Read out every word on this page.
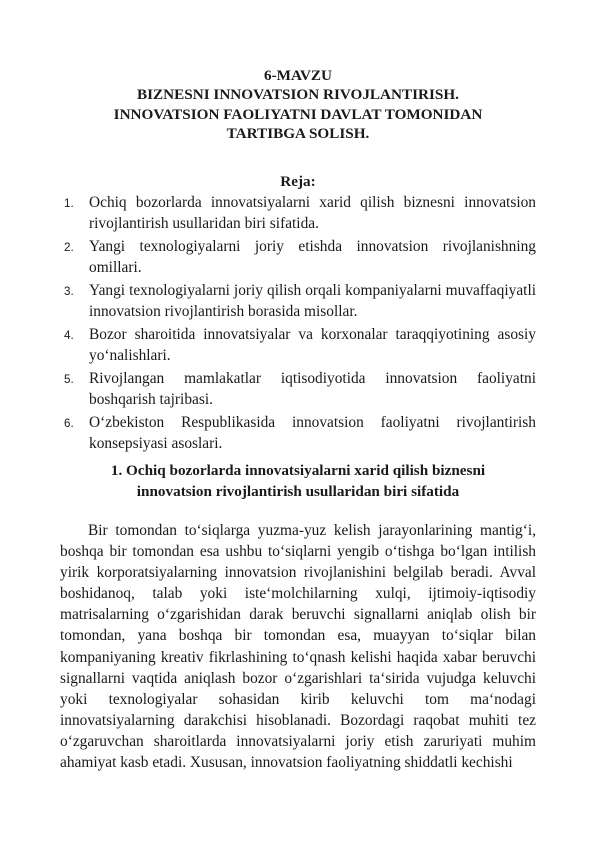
6-MAVZU
BIZNESNI INNOVATSION RIVOJLANTIRISH.
INNOVATSION FAOLIYATNI DAVLAT TOMONIDAN
TARTIBGA SOLISH.
Reja:
1. Ochiq bozorlarda innovatsiyalarni xarid qilish biznesni innovatsion rivojlantirish usullaridan biri sifatida.
2. Yangi texnologiyalarni joriy etishda innovatsion rivojlanishning omillari.
3. Yangi texnologiyalarni joriy qilish orqali kompaniyalarni muvaffaqiyatli innovatsion rivojlantirish borasida misollar.
4. Bozor sharoitida innovatsiyalar va korxonalar taraqqiyotining asosiy yo‘nalishlari.
5. Rivojlangan mamlakatlar iqtisodiyotida innovatsion faoliyatni boshqarish tajribasi.
6. O‘zbekiston Respublikasida innovatsion faoliyatni rivojlantirish konsepsiyasi asoslari.
1. Ochiq bozorlarda innovatsiyalarni xarid qilish biznesni
innovatsion rivojlantirish usullaridan biri sifatida

Bir tomondan to‘siqlarga yuzma-yuz kelish jarayonlarining mantig‘i, boshqa bir tomondan esa ushbu to‘siqlarni yengib o‘tishga bo‘lgan intilish yirik korporatsiyalarning innovatsion rivojlanishini belgilab beradi. Avval boshidanoq, talab yoki iste‘molchilarning xulqi, ijtimoiy-iqtisodiy matrisalarning o‘zgarishidan darak beruvchi signallarni aniqlab olish bir tomondan, yana boshqa bir tomondan esa, muayyan to‘siqlar bilan kompaniyaning kreativ fikrlashining to‘qnash kelishi haqida xabar beruvchi signallarni vaqtida aniqlash bozor o‘zgarishlari ta‘sirida vujudga keluvchi yoki texnologiyalar sohasidan kirib keluvchi tom ma‘nodagi innovatsiyalarning darakchisi hisoblanadi. Bozordagi raqobat muhiti tez o‘zgaruvchan sharoitlarda innovatsiyalarni joriy etish zaruriyati muhim ahamiyat kasb etadi. Xususan, innovatsion faoliyatning shiddatli kechishi
